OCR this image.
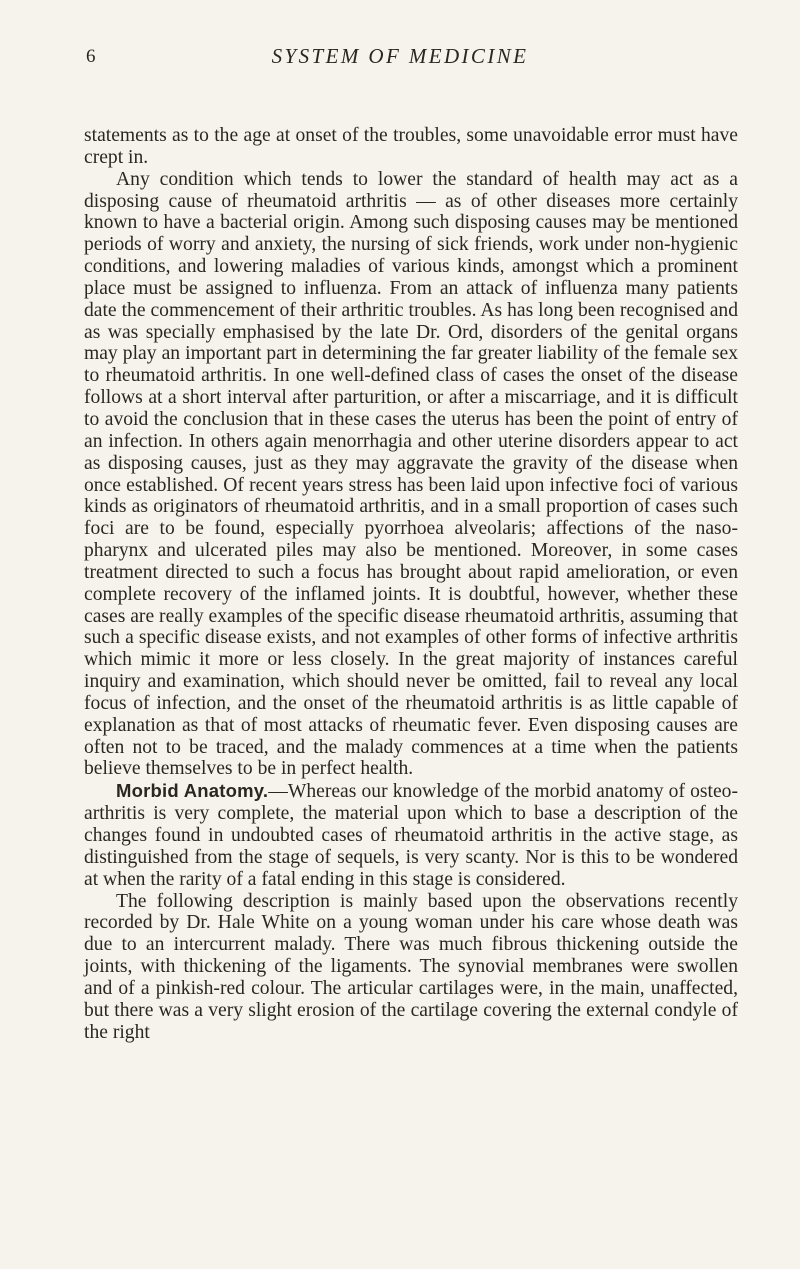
6	SYSTEM OF MEDICINE

statements as to the age at onset of the troubles, some unavoidable error must have crept in.

Any condition which tends to lower the standard of health may act as a disposing cause of rheumatoid arthritis — as of other diseases more certainly known to have a bacterial origin. Among such disposing causes may be mentioned periods of worry and anxiety, the nursing of sick friends, work under non-hygienic conditions, and lowering maladies of various kinds, amongst which a prominent place must be assigned to influenza. From an attack of influenza many patients date the commencement of their arthritic troubles. As has long been recognised and as was specially emphasised by the late Dr. Ord, disorders of the genital organs may play an important part in determining the far greater liability of the female sex to rheumatoid arthritis. In one well-defined class of cases the onset of the disease follows at a short interval after parturition, or after a miscarriage, and it is difficult to avoid the conclusion that in these cases the uterus has been the point of entry of an infection. In others again menorrhagia and other uterine disorders appear to act as disposing causes, just as they may aggravate the gravity of the disease when once established. Of recent years stress has been laid upon infective foci of various kinds as originators of rheumatoid arthritis, and in a small proportion of cases such foci are to be found, especially pyorrhoea alveolaris; affections of the naso-pharynx and ulcerated piles may also be mentioned. Moreover, in some cases treatment directed to such a focus has brought about rapid amelioration, or even complete recovery of the inflamed joints. It is doubtful, however, whether these cases are really examples of the specific disease rheumatoid arthritis, assuming that such a specific disease exists, and not examples of other forms of infective arthritis which mimic it more or less closely. In the great majority of instances careful inquiry and examination, which should never be omitted, fail to reveal any local focus of infection, and the onset of the rheumatoid arthritis is as little capable of explanation as that of most attacks of rheumatic fever. Even disposing causes are often not to be traced, and the malady commences at a time when the patients believe themselves to be in perfect health.

Morbid Anatomy.—Whereas our knowledge of the morbid anatomy of osteo-arthritis is very complete, the material upon which to base a description of the changes found in undoubted cases of rheumatoid arthritis in the active stage, as distinguished from the stage of sequels, is very scanty. Nor is this to be wondered at when the rarity of a fatal ending in this stage is considered.

The following description is mainly based upon the observations recently recorded by Dr. Hale White on a young woman under his care whose death was due to an intercurrent malady. There was much fibrous thickening outside the joints, with thickening of the ligaments. The synovial membranes were swollen and of a pinkish-red colour. The articular cartilages were, in the main, unaffected, but there was a very slight erosion of the cartilage covering the external condyle of the right
